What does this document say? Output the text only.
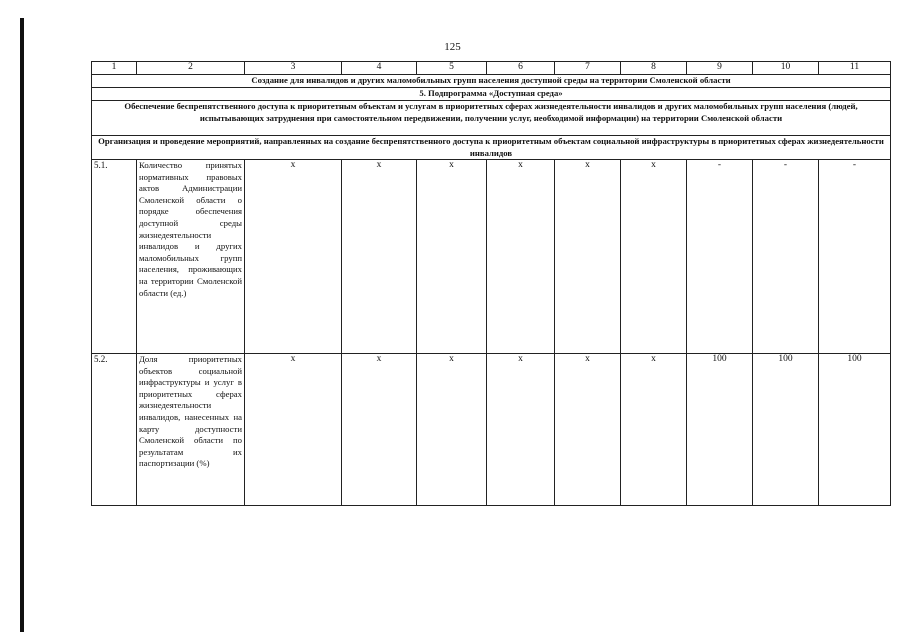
125
1	2	3	4	5	6	7	8	9	10	11
Создание для инвалидов и других маломобильных групп населения доступной среды на территории Смоленской области										
5. Подпрограмма «Доступная среда»										
Обеспечение беспрепятственного доступа к приоритетным объектам и услугам в приоритетных сферах жизнедеятельности инвалидов и других маломобильных групп населения (людей, испытывающих затруднения при самостоятельном передвижении, получении услуг, необходимой информации) на территории Смоленской области										
Организация и проведение мероприятий, направленных на создание беспрепятственного доступа к приоритетным объектам социальной инфраструктуры в приоритетных сферах жизнедеятельности инвалидов										
5.1.	Количество принятых нормативных правовых актов Администрации Смоленской области о порядке обеспечения доступной среды жизнедеятельности инвалидов и других маломобильных групп населения, проживающих на территории Смоленской области (ед.)	х	х	х	х	х	х	-	-	-
5.2.	Доля приоритетных объектов социальной инфраструктуры и услуг в приоритетных сферах жизнедеятельности инвалидов, нанесенных на карту доступности Смоленской области по результатам их паспортизации (%)	х	х	х	х	х	х	100	100	100
